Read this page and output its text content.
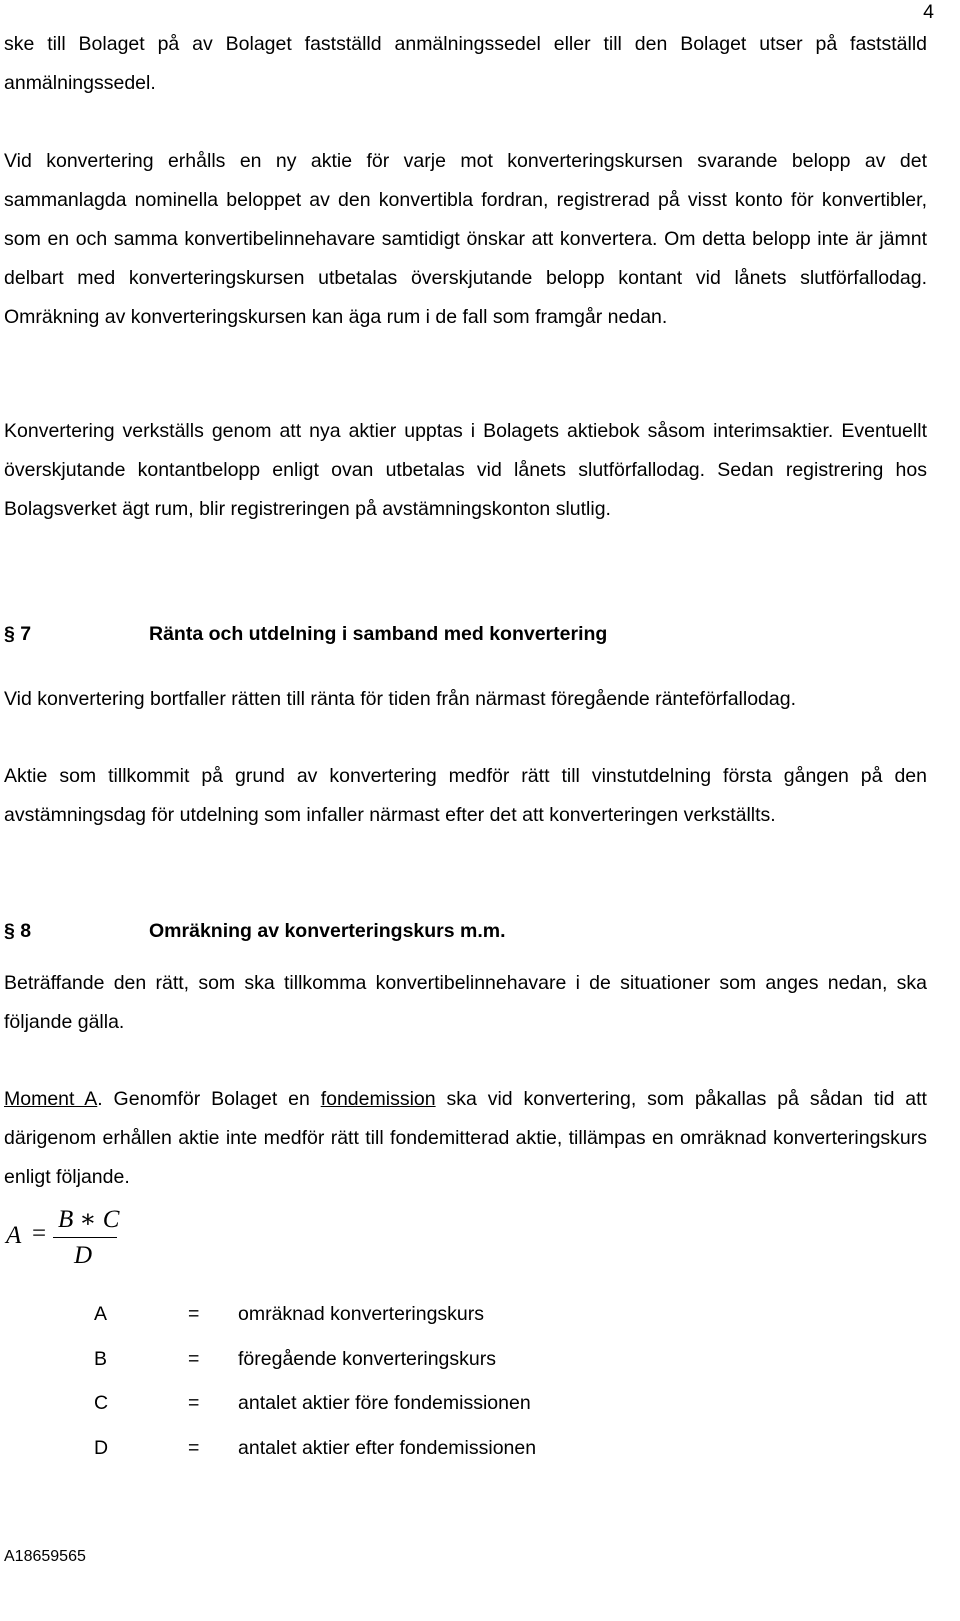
4

ske till Bolaget på av Bolaget fastställd anmälningssedel eller till den Bolaget utser på fastställd anmälningssedel.

Vid konvertering erhålls en ny aktie för varje mot konverteringskursen svarande belopp av det sammanlagda nominella beloppet av den konvertibla fordran, registrerad på visst konto för konvertibler, som en och samma konvertibelinnehavare samtidigt önskar att konvertera. Om detta belopp inte är jämnt delbart med konverteringskursen utbetalas överskjutande belopp kontant vid lånets slutförfallodag. Omräkning av konverteringskursen kan äga rum i de fall som framgår nedan.

Konvertering verkställs genom att nya aktier upptas i Bolagets aktiebok såsom interimsaktier. Eventuellt överskjutande kontantbelopp enligt ovan utbetalas vid lånets slutförfallodag. Sedan registrering hos Bolagsverket ägt rum, blir registreringen på avstämningskonton slutlig.

§ 7	Ränta och utdelning i samband med konvertering

Vid konvertering bortfaller rätten till ränta för tiden från närmast föregående ränteförfallodag.

Aktie som tillkommit på grund av konvertering medför rätt till vinstutdelning första gången på den avstämningsdag för utdelning som infaller närmast efter det att konverteringen verkställts.

§ 8	Omräkning av konverteringskurs m.m.

Beträffande den rätt, som ska tillkomma konvertibelinnehavare i de situationer som anges nedan, ska följande gälla.

Moment A. Genomför Bolaget en fondemission ska vid konvertering, som påkallas på sådan tid att därigenom erhållen aktie inte medför rätt till fondemitterad aktie, tillämpas en omräknad konverteringskurs enligt följande.

A =
B ∗ C
D
A	= omräknad konverteringskurs
B	= föregående konverteringskurs
C	= antalet aktier före fondemissionen
D	= antalet aktier efter fondemissionen
A18659565
